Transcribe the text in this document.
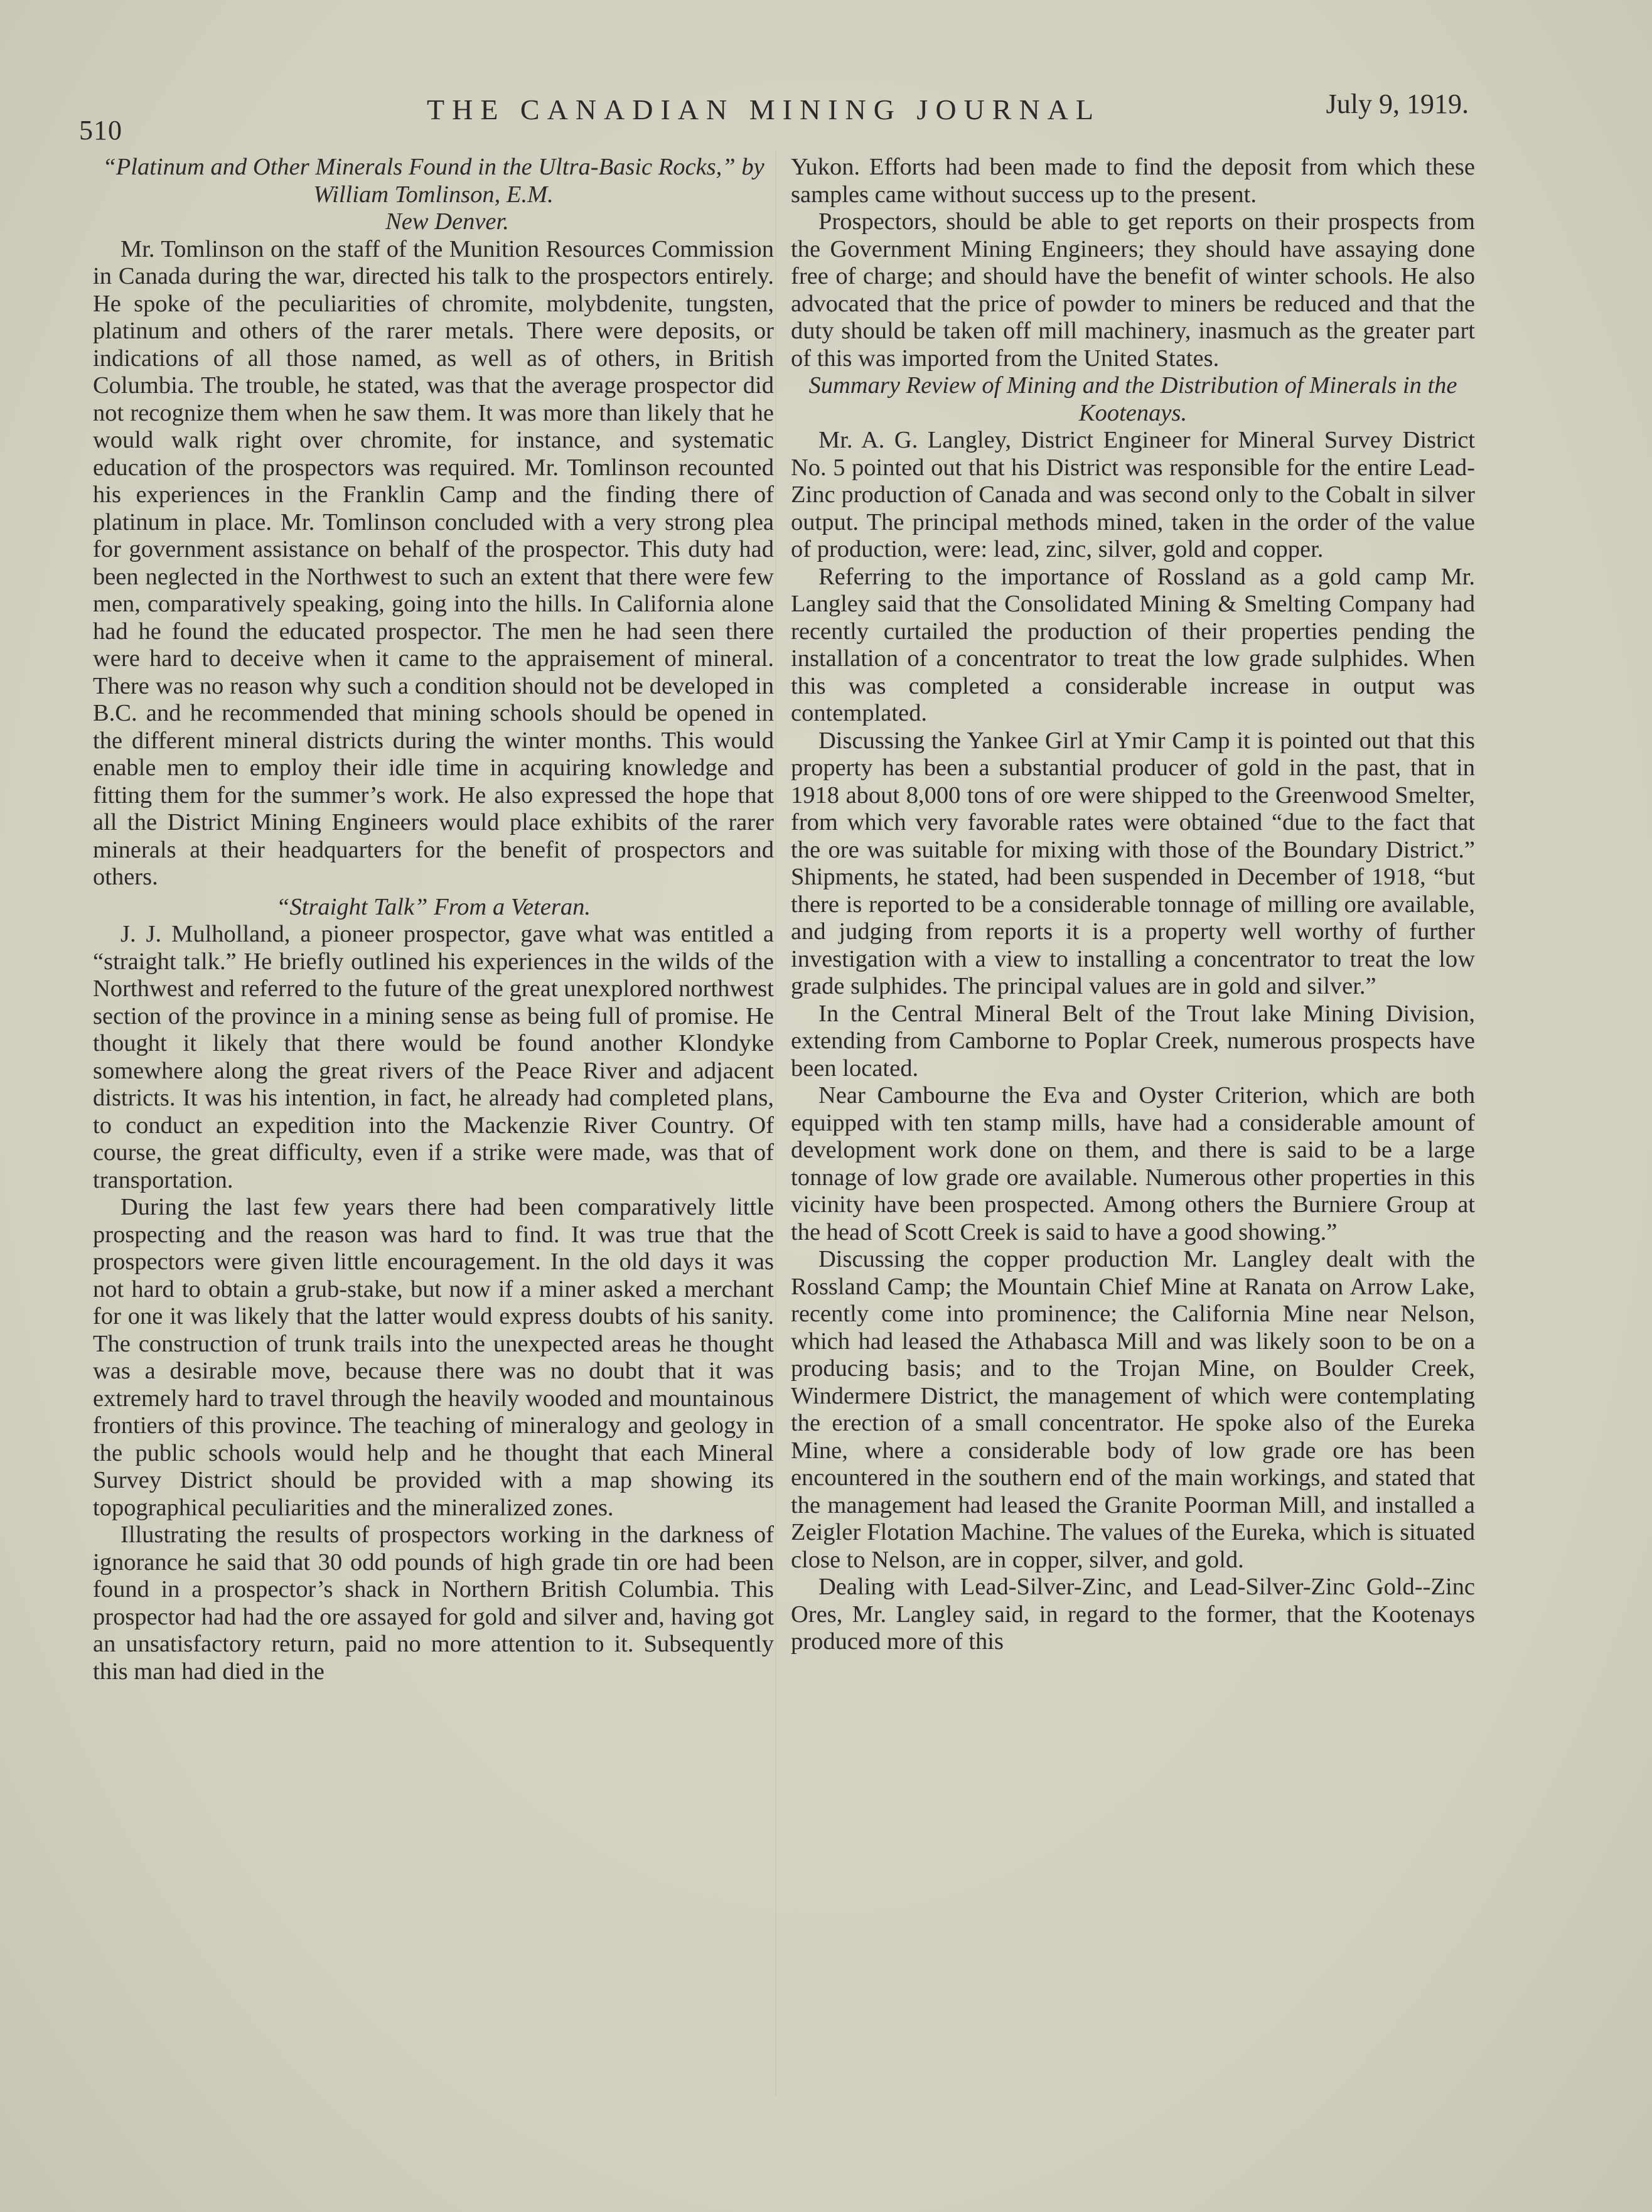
510
THE CANADIAN MINING JOURNAL	July 9, 1919.
“Platinum and Other Minerals Found in the Ultra-Basic Rocks,” by William Tomlinson, E.M.

New Denver.

Mr. Tomlinson on the staff of the Munition Resources Commission in Canada during the war, directed his talk to the prospectors entirely. He spoke of the peculiarities of chromite, molybdenite, tungsten, platinum and others of the rarer metals. There were deposits, or indications of all those named, as well as of others, in British Columbia. The trouble, he stated, was that the average prospector did not recognize them when he saw them. It was more than likely that he would walk right over chromite, for instance, and systematic education of the prospectors was required. Mr. Tomlinson recounted his experiences in the Franklin Camp and the finding there of platinum in place. Mr. Tomlinson concluded with a very strong plea for government assistance on behalf of the prospector. This duty had been neglected in the Northwest to such an extent that there were few men, comparatively speaking, going into the hills. In California alone had he found the educated prospector. The men he had seen there were hard to deceive when it came to the appraisement of mineral. There was no reason why such a condition should not be developed in B.C. and he recommended that mining schools should be opened in the different mineral districts during the winter months. This would enable men to employ their idle time in acquiring knowledge and fitting them for the summer’s work. He also expressed the hope that all the District Mining Engineers would place exhibits of the rarer minerals at their headquarters for the benefit of prospectors and others.

“Straight Talk” From a Veteran.

J. J. Mulholland, a pioneer prospector, gave what was entitled a “straight talk.” He briefly outlined his experiences in the wilds of the Northwest and referred to the future of the great unexplored northwest section of the province in a mining sense as being full of promise. He thought it likely that there would be found another Klondyke somewhere along the great rivers of the Peace River and adjacent districts. It was his intention, in fact, he already had completed plans, to conduct an expedition into the Mackenzie River Country. Of course, the great difficulty, even if a strike were made, was that of transportation.

During the last few years there had been comparatively little prospecting and the reason was hard to find. It was true that the prospectors were given little encouragement. In the old days it was not hard to obtain a grub-stake, but now if a miner asked a merchant for one it was likely that the latter would express doubts of his sanity. The construction of trunk trails into the unexpected areas he thought was a desirable move, because there was no doubt that it was extremely hard to travel through the heavily wooded and mountainous frontiers of this province. The teaching of mineralogy and geology in the public schools would help and he thought that each Mineral Survey District should be provided with a map showing its topographical peculiarities and the mineralized zones.

Illustrating the results of prospectors working in the darkness of ignorance he said that 30 odd pounds of high grade tin ore had been found in a prospector’s shack in Northern British Columbia. This prospector had had the ore assayed for gold and silver and, having got an unsatisfactory return, paid no more attention to it. Subsequently this man had died in the

Yukon. Efforts had been made to find the deposit from which these samples came without success up to the present.

Prospectors, should be able to get reports on their prospects from the Government Mining Engineers; they should have assaying done free of charge; and should have the benefit of winter schools. He also advocated that the price of powder to miners be reduced and that the duty should be taken off mill machinery, inasmuch as the greater part of this was imported from the United States.

Summary Review of Mining and the Distribution of Minerals in the Kootenays.

Mr. A. G. Langley, District Engineer for Mineral Survey District No. 5 pointed out that his District was responsible for the entire Lead-Zinc production of Canada and was second only to the Cobalt in silver output. The principal methods mined, taken in the order of the value of production, were: lead, zinc, silver, gold and copper.

Referring to the importance of Rossland as a gold camp Mr. Langley said that the Consolidated Mining & Smelting Company had recently curtailed the production of their properties pending the installation of a concentrator to treat the low grade sulphides. When this was completed a considerable increase in output was contemplated.

Discussing the Yankee Girl at Ymir Camp it is pointed out that this property has been a substantial producer of gold in the past, that in 1918 about 8,000 tons of ore were shipped to the Greenwood Smelter, from which very favorable rates were obtained “due to the fact that the ore was suitable for mixing with those of the Boundary District.” Shipments, he stated, had been suspended in December of 1918, “but there is reported to be a considerable tonnage of milling ore available, and judging from reports it is a property well worthy of further investigation with a view to installing a concentrator to treat the low grade sulphides. The principal values are in gold and silver.”

In the Central Mineral Belt of the Trout lake Mining Division, extending from Camborne to Poplar Creek, numerous prospects have been located.

Near Cambourne the Eva and Oyster Criterion, which are both equipped with ten stamp mills, have had a considerable amount of development work done on them, and there is said to be a large tonnage of low grade ore available. Numerous other properties in this vicinity have been prospected. Among others the Burniere Group at the head of Scott Creek is said to have a good showing.”

Discussing the copper production Mr. Langley dealt with the Rossland Camp; the Mountain Chief Mine at Ranata on Arrow Lake, recently come into prominence; the California Mine near Nelson, which had leased the Athabasca Mill and was likely soon to be on a producing basis; and to the Trojan Mine, on Boulder Creek, Windermere District, the management of which were contemplating the erection of a small concentrator. He spoke also of the Eureka Mine, where a considerable body of low grade ore has been encountered in the southern end of the main workings, and stated that the management had leased the Granite Poorman Mill, and installed a Zeigler Flotation Machine. The values of the Eureka, which is situated close to Nelson, are in copper, silver, and gold.

Dealing with Lead-Silver-Zinc, and Lead-Silver-Zinc Gold--Zinc Ores, Mr. Langley said, in regard to the former, that the Kootenays produced more of this
